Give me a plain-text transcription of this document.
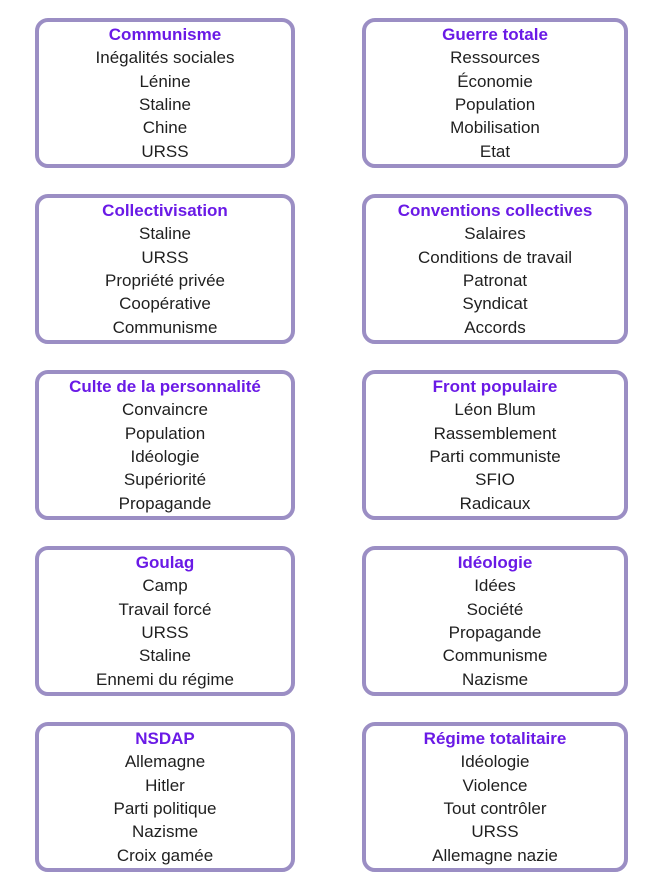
Communisme
Inégalités sociales
Lénine
Staline
Chine
URSS
Guerre totale
Ressources
Économie
Population
Mobilisation
Etat
Collectivisation
Staline
URSS
Propriété privée
Coopérative
Communisme
Conventions collectives
Salaires
Conditions de travail
Patronat
Syndicat
Accords
Culte de la personnalité
Convaincre
Population
Idéologie
Supériorité
Propagande
Front populaire
Léon Blum
Rassemblement
Parti communiste
SFIO
Radicaux
Goulag
Camp
Travail forcé
URSS
Staline
Ennemi du régime
Idéologie
Idées
Société
Propagande
Communisme
Nazisme
NSDAP
Allemagne
Hitler
Parti politique
Nazisme
Croix gamée
Régime totalitaire
Idéologie
Violence
Tout contrôler
URSS
Allemagne nazie
